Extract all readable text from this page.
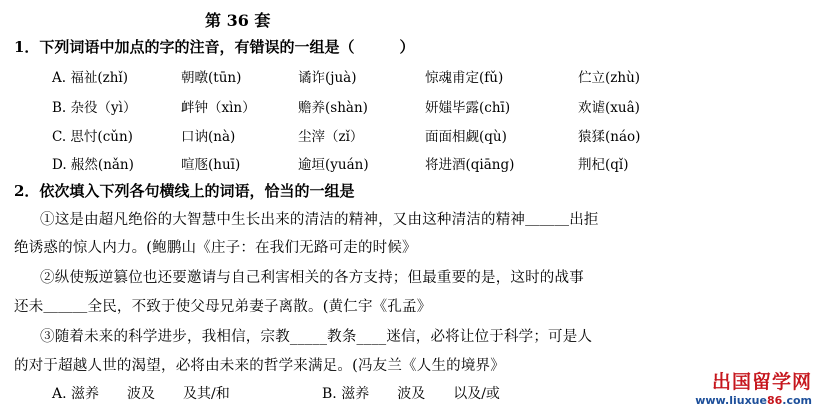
第 36 套
1．下列词语中加点的字的注音，有错误的一组是（　　　）
A. 福祉(zhǐ)	朝暾(tūn)	谲诈(juà)	惊魂甫定(fǔ)	伫立(zhù)
B. 杂役（yì）	衅钟（xìn）	赡养(shàn)	妍媸毕露(chī)	欢谑(xuâ)
C. 思忖(cǔn)	口讷(nà)	尘滓（zǐ）	面面相觑(qù)	猿猱(náo)
D. 赧然(nǎn)	喧豗(huī)	逾垣(yuán)	将进酒(qiāng)	荆杞(qǐ)
2．依次填入下列各句横线上的词语，恰当的一组是
①这是由超凡绝俗的大智慧中生长出来的清洁的精神，又由这种清洁的精神＿＿＿出拒
绝诱惑的惊人内力。(鲍鹏山《庄子：在我们无路可走的时候》
②纵使叛逆篡位也还要邀请与自己利害相关的各方支持；但最重要的是，这时的战事
还未＿＿＿全民，不致于使父母兄弟妻子离散。(黄仁宇《孔孟》
③随着未来的科学进步，我相信，宗教_____教条____迷信，必将让位于科学；可是人
的对于超越人世的渴望，必将由未来的哲学来满足。(冯友兰《人生的境界》
A. 滋养　　波及　　及其/和	B. 滋养　　波及　　以及/或
出国留学网
www.liuxue86.com
